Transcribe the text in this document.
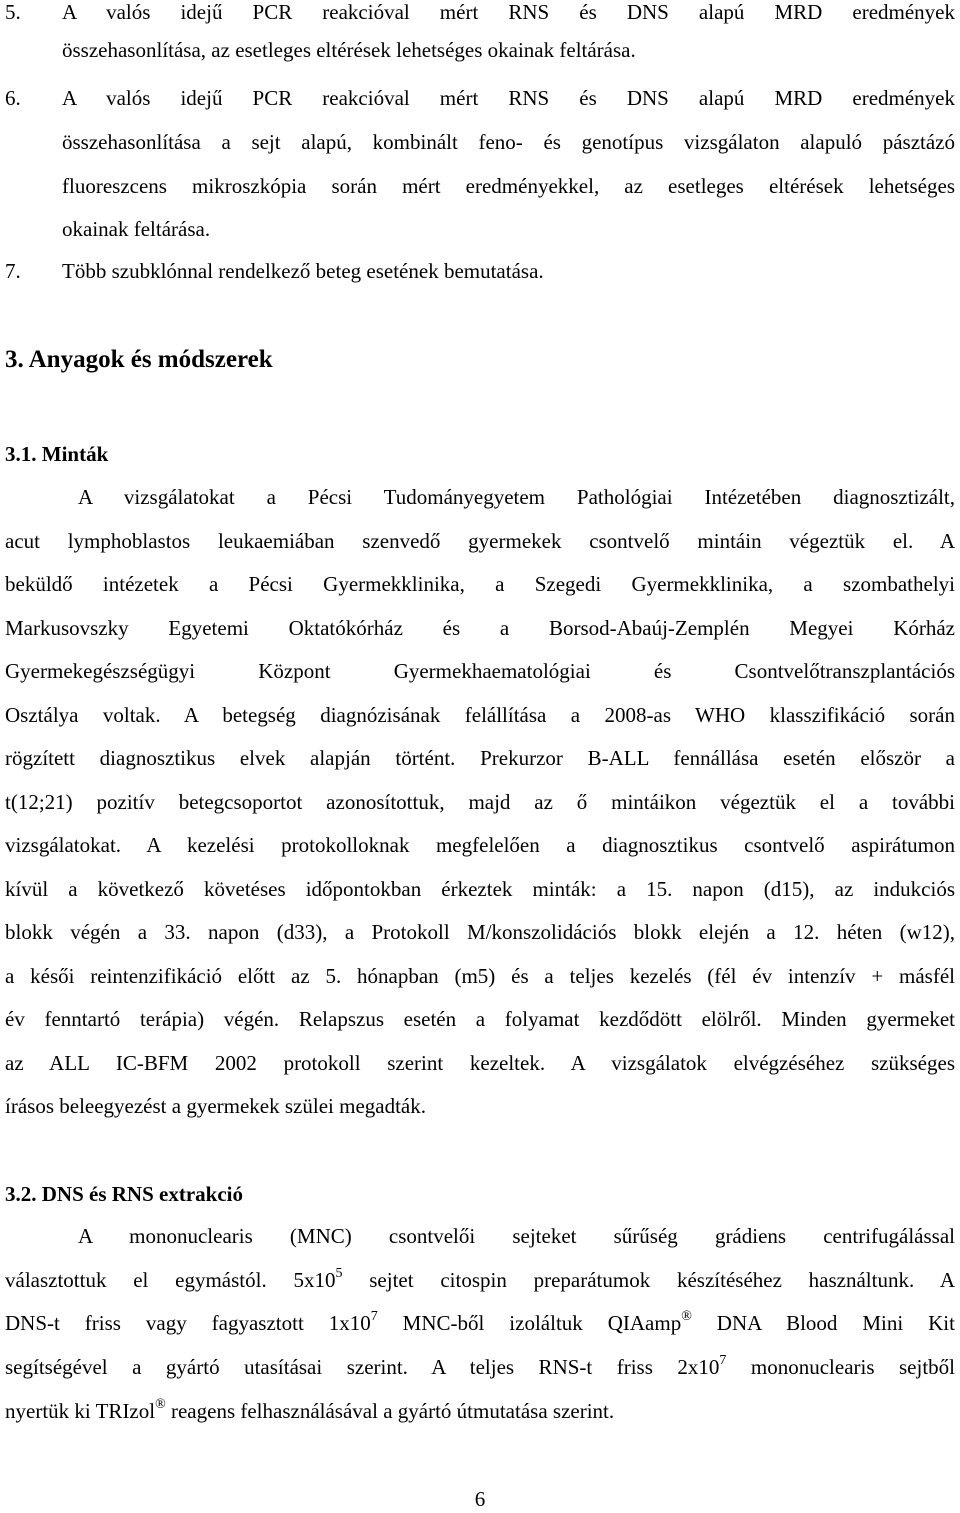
5. A valós idejű PCR reakcióval mért RNS és DNS alapú MRD eredmények
összehasonlítása, az esetleges eltérések lehetséges okainak feltárása.
6. A valós idejű PCR reakcióval mért RNS és DNS alapú MRD eredmények
összehasonlítása a sejt alapú, kombinált feno- és genotípus vizsgálaton alapuló pásztázó
fluoreszcens mikroszkópia során mért eredményekkel, az esetleges eltérések lehetséges
okainak feltárása.
7. Több szubklónnal rendelkező beteg esetének bemutatása.
3. Anyagok és módszerek
3.1. Minták
A vizsgálatokat a Pécsi Tudományegyetem Pathológiai Intézetében diagnosztizált,
acut lymphoblastos leukaemiában szenvedő gyermekek csontvelő mintáin végeztük el. A
beküldő intézetek a Pécsi Gyermekklinika, a Szegedi Gyermekklinika, a szombathelyi
Markusovszky Egyetemi Oktatókórház és a Borsod-Abaúj-Zemplén Megyei Kórház
Gyermekegészségügyi Központ Gyermekhaematológiai és Csontvelőtranszplantációs
Osztálya voltak. A betegség diagnózisának felállítása a 2008-as WHO klasszifikáció során
rögzített diagnosztikus elvek alapján történt. Prekurzor B-ALL fennállása esetén először a
t(12;21) pozitív betegcsoportot azonosítottuk, majd az ő mintáikon végeztük el a további
vizsgálatokat. A kezelési protokolloknak megfelelően a diagnosztikus csontvelő aspirátumon
kívül a következő követéses időpontokban érkeztek minták: a 15. napon (d15), az indukciós
blokk végén a 33. napon (d33), a Protokoll M/konszolidációs blokk elején a 12. héten (w12),
a késői reintenzifikáció előtt az 5. hónapban (m5) és a teljes kezelés (fél év intenzív + másfél
év fenntartó terápia) végén. Relapszus esetén a folyamat kezdődött elölről. Minden gyermeket
az ALL IC-BFM 2002 protokoll szerint kezeltek. A vizsgálatok elvégzéséhez szükséges
írásos beleegyezést a gyermekek szülei megadták.
3.2. DNS és RNS extrakció
A mononuclearis (MNC) csontvelői sejteket sűrűség grádiens centrifugálással
választottuk el egymástól. $5x10^5$ sejtet citospin preparátumok készítéséhez használtunk. A
DNS-t friss vagy fagyasztott $1x10^7$ MNC-ből izoláltuk QIAamp® DNA Blood Mini Kit
segítségével a gyártó utasításai szerint. A teljes RNS-t friss $2x10^7$ mononuclearis sejtből
nyertük ki TRIzol® reagens felhasználásával a gyártó útmutatása szerint.
6
